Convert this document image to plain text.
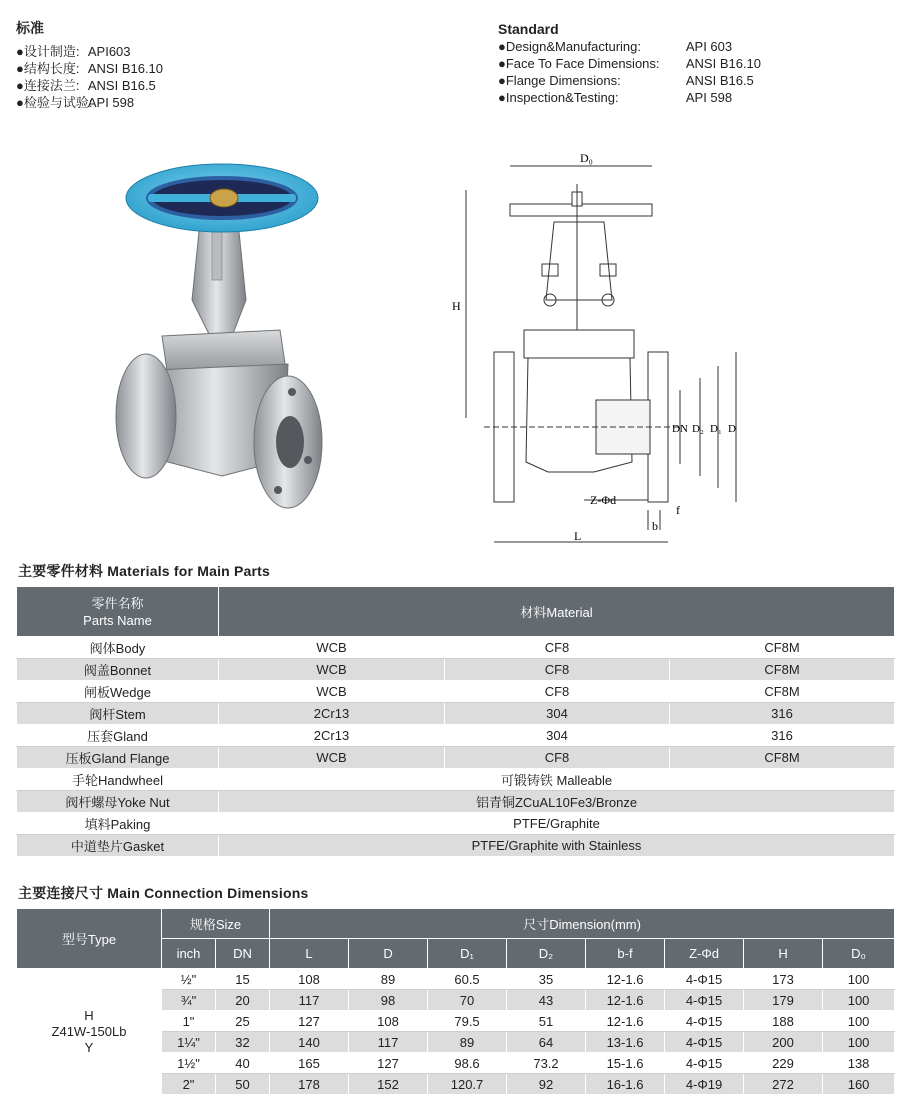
标准
●设计制造: API603
●结构长度: ANSI B16.10
●连接法兰: ANSI B16.5
●检验与试验:API 598
Standard
●Design&Manufacturing:	API 603
●Face To Face Dimensions: ANSI B16.10
●Flange Dimensions:	ANSI B16.5
●Inspection&Testing:	API 598
D₀
H
DN D₂ D₁ D
Z-Φd
b
f
L
主要零件材料 Materials for Main Parts
零件名称
Parts Name	材料Material		
阀体Body	WCB	CF8	CF8M
阀盖Bonnet	WCB	CF8	CF8M
闸板Wedge	WCB	CF8	CF8M
阀杆Stem	2Cr13	304	316
压套Gland	2Cr13	304	316
压板Gland Flange	WCB	CF8	CF8M
手轮Handwheel	可锻铸铁 Malleable		
阀杆螺母Yoke Nut	铝青铜ZCuAL10Fe3/Bronze		
填料Paking	PTFE/Graphite		
中道垫片Gasket	PTFE/Graphite with Stainless		
主要连接尺寸 Main Connection Dimensions
型号Type	规格Size		尺寸Dimension(mm)							
	inch	DN	L	D	D₁	D₂	b-f	Z-Φd	H	D₀

H
Z41W-150Lb
Y	½"	15	108	89	60.5	35	12-1.6	4-Φ15	173	100
	¾"	20	117	98	70	43	12-1.6	4-Φ15	179	100
	1"	25	127	108	79.5	51	12-1.6	4-Φ15	188	100
	1¼"	32	140	117	89	64	13-1.6	4-Φ15	200	100
	1½"	40	165	127	98.6	73.2	15-1.6	4-Φ15	229	138
	2"	50	178	152	120.7	92	16-1.6	4-Φ19	272	160
